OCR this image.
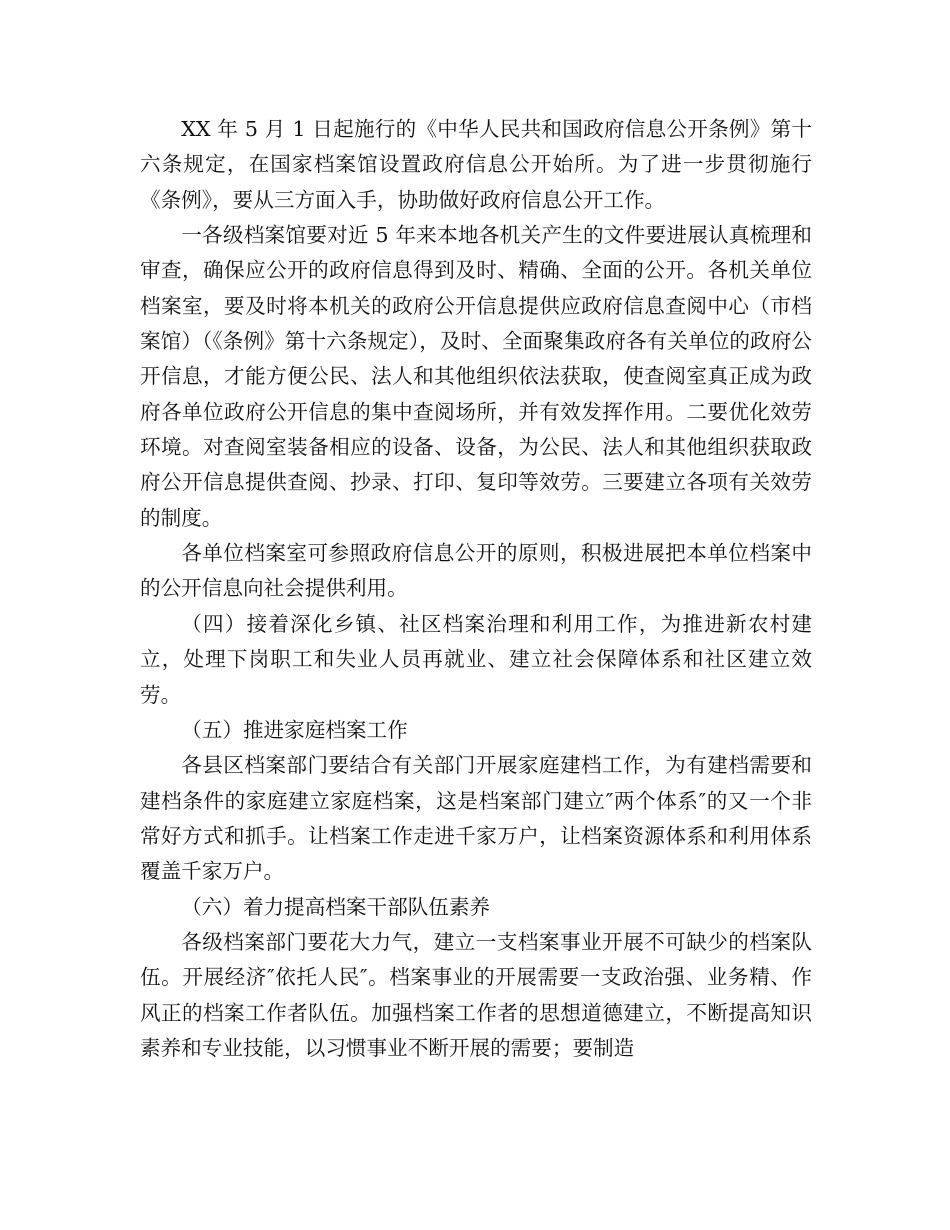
XX 年 5 月 1 日起施行的《中华人民共和国政府信息公开条例》第十六条规定，在国家档案馆设置政府信息公开始所。为了进一步贯彻施行《条例》，要从三方面入手，协助做好政府信息公开工作。

一各级档案馆要对近 5 年来本地各机关产生的文件要进展认真梳理和审查，确保应公开的政府信息得到及时、精确、全面的公开。各机关单位档案室，要及时将本机关的政府公开信息提供应政府信息查阅中心（市档案馆）（《条例》第十六条规定），及时、全面聚集政府各有关单位的政府公开信息，才能方便公民、法人和其他组织依法获取，使查阅室真正成为政府各单位政府公开信息的集中查阅场所，并有效发挥作用。二要优化效劳环境。对查阅室装备相应的设备、设备，为公民、法人和其他组织获取政府公开信息提供查阅、抄录、打印、复印等效劳。三要建立各项有关效劳的制度。

各单位档案室可参照政府信息公开的原则，积极进展把本单位档案中的公开信息向社会提供利用。

（四）接着深化乡镇、社区档案治理和利用工作，为推进新农村建立，处理下岗职工和失业人员再就业、建立社会保障体系和社区建立效劳。

（五）推进家庭档案工作

各县区档案部门要结合有关部门开展家庭建档工作，为有建档需要和建档条件的家庭建立家庭档案，这是档案部门建立″两个体系″的又一个非常好方式和抓手。让档案工作走进千家万户，让档案资源体系和利用体系覆盖千家万户。

（六）着力提高档案干部队伍素养

各级档案部门要花大力气，建立一支档案事业开展不可缺少的档案队伍。开展经济″依托人民″。档案事业的开展需要一支政治强、业务精、作风正的档案工作者队伍。加强档案工作者的思想道德建立，不断提高知识素养和专业技能，以习惯事业不断开展的需要；要制造
